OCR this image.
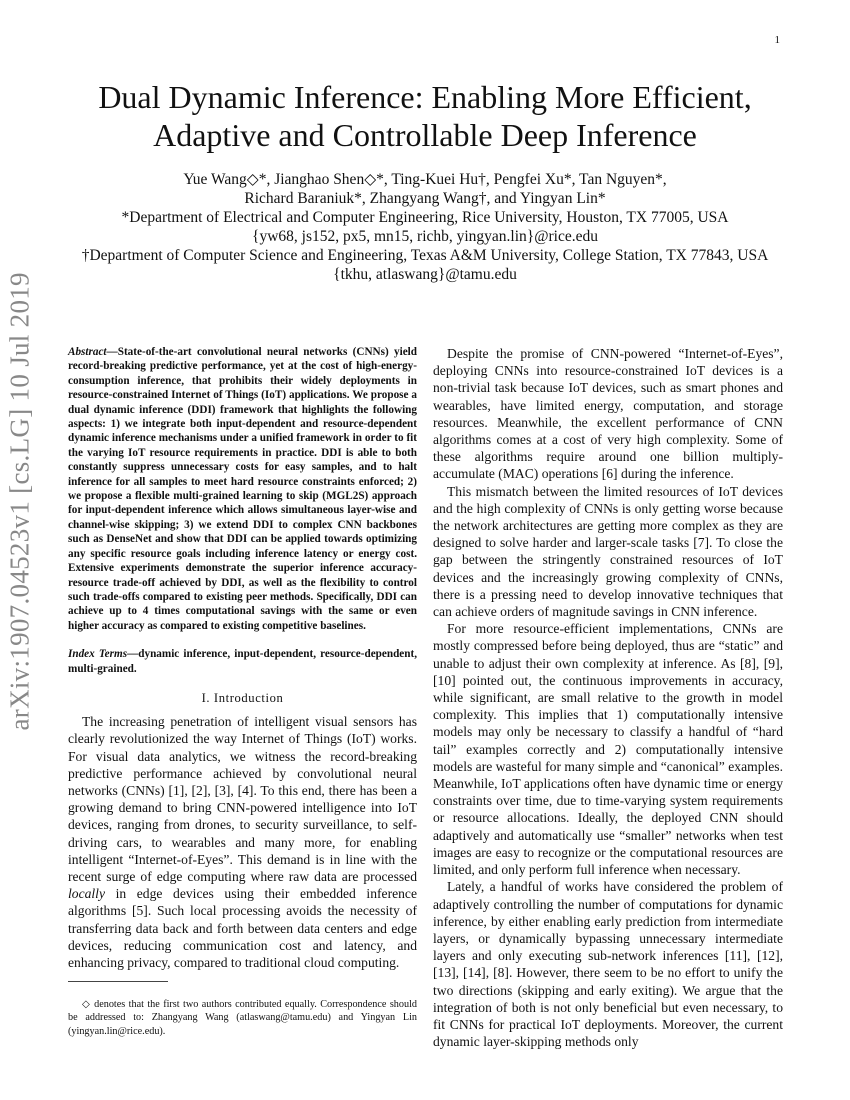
1
arXiv:1907.04523v1 [cs.LG] 10 Jul 2019
Dual Dynamic Inference: Enabling More Efficient,
Adaptive and Controllable Deep Inference
Yue Wang◇*, Jianghao Shen◇*, Ting-Kuei Hu†, Pengfei Xu*, Tan Nguyen*,
Richard Baraniuk*, Zhangyang Wang†, and Yingyan Lin*
*Department of Electrical and Computer Engineering, Rice University, Houston, TX 77005, USA
{yw68, js152, px5, mn15, richb, yingyan.lin}@rice.edu
†Department of Computer Science and Engineering, Texas A&M University, College Station, TX 77843, USA
{tkhu, atlaswang}@tamu.edu
Abstract—State-of-the-art convolutional neural networks (CNNs) yield record-breaking predictive performance, yet at the cost of high-energy-consumption inference, that prohibits their widely deployments in resource-constrained Internet of Things (IoT) applications. We propose a dual dynamic inference (DDI) framework that highlights the following aspects: 1) we integrate both input-dependent and resource-dependent dynamic inference mechanisms under a unified framework in order to fit the varying IoT resource requirements in practice. DDI is able to both constantly suppress unnecessary costs for easy samples, and to halt inference for all samples to meet hard resource constraints enforced; 2) we propose a flexible multi-grained learning to skip (MGL2S) approach for input-dependent inference which allows simultaneous layer-wise and channel-wise skipping; 3) we extend DDI to complex CNN backbones such as DenseNet and show that DDI can be applied towards optimizing any specific resource goals including inference latency or energy cost. Extensive experiments demonstrate the superior inference accuracy-resource trade-off achieved by DDI, as well as the flexibility to control such trade-offs compared to existing peer methods. Specifically, DDI can achieve up to 4 times computational savings with the same or even higher accuracy as compared to existing competitive baselines.
Index Terms—dynamic inference, input-dependent, resource-dependent, multi-grained.
I. Introduction

The increasing penetration of intelligent visual sensors has clearly revolutionized the way Internet of Things (IoT) works. For visual data analytics, we witness the record-breaking predictive performance achieved by convolutional neural networks (CNNs) [1], [2], [3], [4]. To this end, there has been a growing demand to bring CNN-powered intelligence into IoT devices, ranging from drones, to security surveillance, to self-driving cars, to wearables and many more, for enabling intelligent “Internet-of-Eyes”. This demand is in line with the recent surge of edge computing where raw data are processed locally in edge devices using their embedded inference algorithms [5]. Such local processing avoids the necessity of transferring data back and forth between data centers and edge devices, reducing communication cost and latency, and enhancing privacy, compared to traditional cloud computing.

◇ denotes that the first two authors contributed equally. Correspondence should be addressed to: Zhangyang Wang (atlaswang@tamu.edu) and Yingyan Lin (yingyan.lin@rice.edu).

Despite the promise of CNN-powered “Internet-of-Eyes”, deploying CNNs into resource-constrained IoT devices is a non-trivial task because IoT devices, such as smart phones and wearables, have limited energy, computation, and storage resources. Meanwhile, the excellent performance of CNN algorithms comes at a cost of very high complexity. Some of these algorithms require around one billion multiply-accumulate (MAC) operations [6] during the inference.

This mismatch between the limited resources of IoT devices and the high complexity of CNNs is only getting worse because the network architectures are getting more complex as they are designed to solve harder and larger-scale tasks [7]. To close the gap between the stringently constrained resources of IoT devices and the increasingly growing complexity of CNNs, there is a pressing need to develop innovative techniques that can achieve orders of magnitude savings in CNN inference.

For more resource-efficient implementations, CNNs are mostly compressed before being deployed, thus are “static” and unable to adjust their own complexity at inference. As [8], [9], [10] pointed out, the continuous improvements in accuracy, while significant, are small relative to the growth in model complexity. This implies that 1) computationally intensive models may only be necessary to classify a handful of “hard tail” examples correctly and 2) computationally intensive models are wasteful for many simple and “canonical” examples. Meanwhile, IoT applications often have dynamic time or energy constraints over time, due to time-varying system requirements or resource allocations. Ideally, the deployed CNN should adaptively and automatically use “smaller” networks when test images are easy to recognize or the computational resources are limited, and only perform full inference when necessary.

Lately, a handful of works have considered the problem of adaptively controlling the number of computations for dynamic inference, by either enabling early prediction from intermediate layers, or dynamically bypassing unnecessary intermediate layers and only executing sub-network inferences [11], [12], [13], [14], [8]. However, there seem to be no effort to unify the two directions (skipping and early exiting). We argue that the integration of both is not only beneficial but even necessary, to fit CNNs for practical IoT deployments. Moreover, the current dynamic layer-skipping methods only
